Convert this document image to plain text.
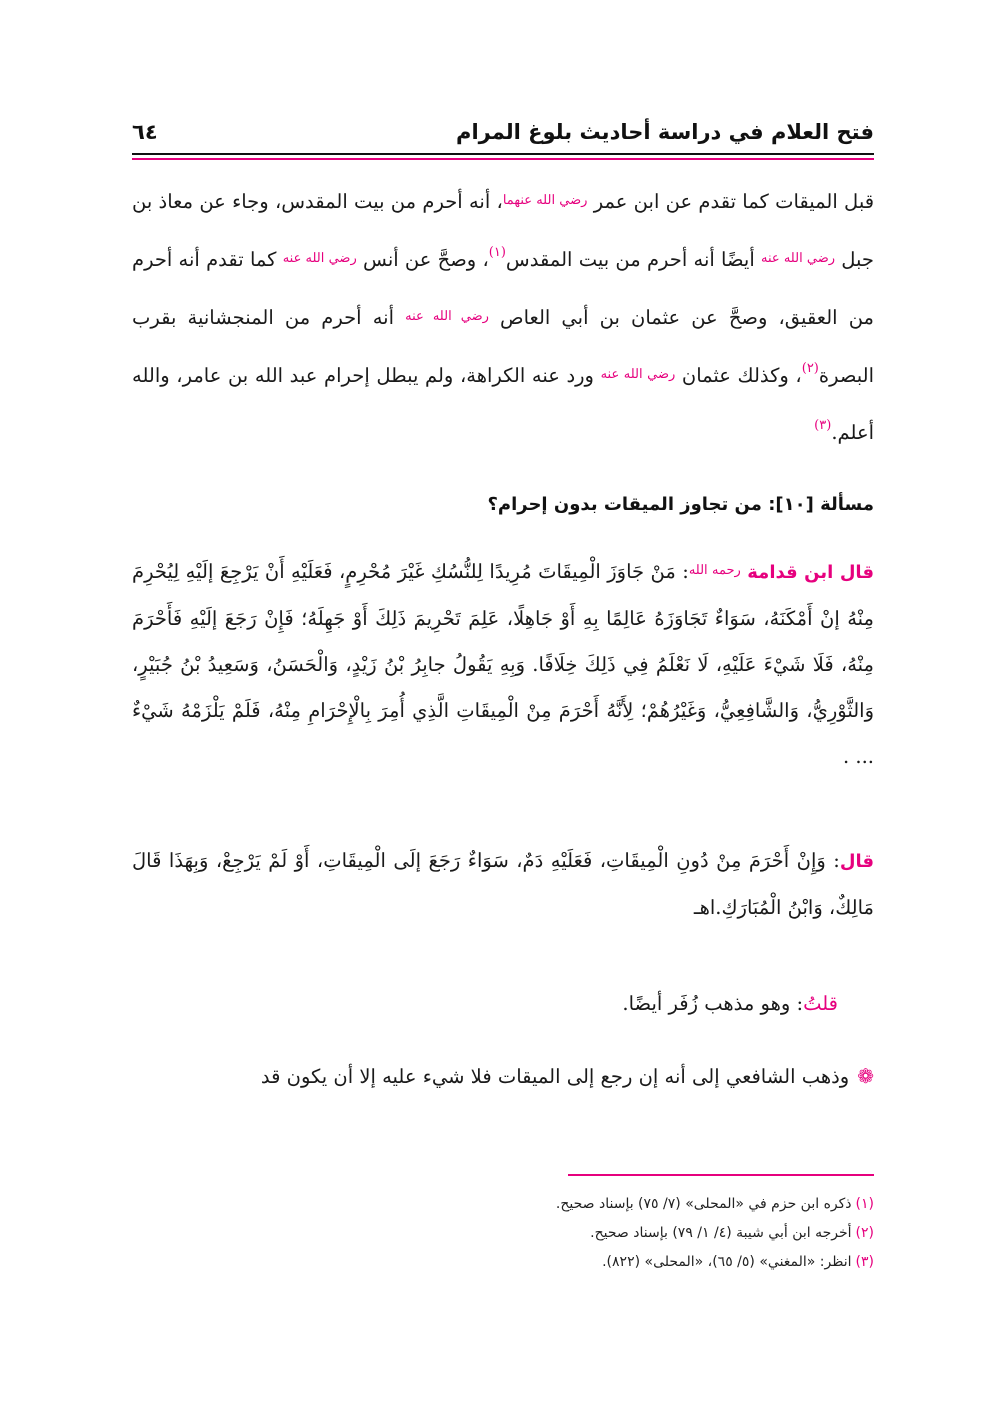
فتح العلام في دراسة أحاديث بلوغ المرام
٦٤
قبل الميقات كما تقدم عن ابن عمر $^{رضي الله عنهما}$، أنه أحرم من بيت المقدس، وجاء عن معاذ بن جبل $^{رضي الله عنه}$ أيضًا أنه أحرم من بيت المقدس$^{(١)}$، وصحَّ عن أنس $^{رضي الله عنه}$ كما تقدم أنه أحرم من العقيق، وصحَّ عن عثمان بن أبي العاص $^{رضي الله عنه}$ أنه أحرم من المنجشانية بقرب البصرة$^{(٢)}$، وكذلك عثمان $^{رضي الله عنه}$ ورد عنه الكراهة، ولم يبطل إحرام عبد الله بن عامر، والله أعلم.$^{(٣)}$
مسألة [١٠]: من تجاوز الميقات بدون إحرام؟
قال ابن قدامة $^{رحمه الله}$: مَنْ جَاوَزَ الْمِيقَاتَ مُرِيدًا لِلنُّسُكِ غَيْرَ مُحْرِمٍ، فَعَلَيْهِ أَنْ يَرْجِعَ إلَيْهِ لِيُحْرِمَ مِنْهُ إنْ أَمْكَنَهُ، سَوَاءٌ تَجَاوَزَهُ عَالِمًا بِهِ أَوْ جَاهِلًا، عَلِمَ تَحْرِيمَ ذَلِكَ أَوْ جَهِلَهُ؛ فَإِنْ رَجَعَ إلَيْهِ فَأَحْرَمَ مِنْهُ، فَلَا شَيْءَ عَلَيْهِ، لَا نَعْلَمُ فِي ذَلِكَ خِلَافًا. وَبِهِ يَقُولُ جابِرُ بْنُ زَيْدٍ، وَالْحَسَنُ، وَسَعِيدُ بْنُ جُبَيْرٍ، وَالثَّوْرِيُّ، وَالشَّافِعِيُّ، وَغَيْرُهُمْ؛ لِأَنَّهُ أَحْرَمَ مِنْ الْمِيقَاتِ الَّذِي أُمِرَ بِالْإِحْرَامِ مِنْهُ، فَلَمْ يَلْزَمْهُ شَيْءٌ ... .
قال: وَإِنْ أَحْرَمَ مِنْ دُونِ الْمِيقَاتِ، فَعَلَيْهِ دَمٌ، سَوَاءٌ رَجَعَ إلَى الْمِيقَاتِ، أَوْ لَمْ يَرْجِعْ، وَبِهَذَا قَالَ مَالِكٌ، وَابْنُ الْمُبَارَكِ.اهـ
قلتُ: وهو مذهب زُفَر أيضًا.
❁وذهب الشافعي إلى أنه إن رجع إلى الميقات فلا شيء عليه إلا أن يكون قد
(١)ذكره ابن حزم في «المحلى» (٧/ ٧٥) بإسناد صحيح.
(٢)أخرجه ابن أبي شيبة (٤/ ١/ ٧٩) بإسناد صحيح.
(٣)انظر: «المغني» (٥/ ٦٥)، «المحلى» (٨٢٢).
